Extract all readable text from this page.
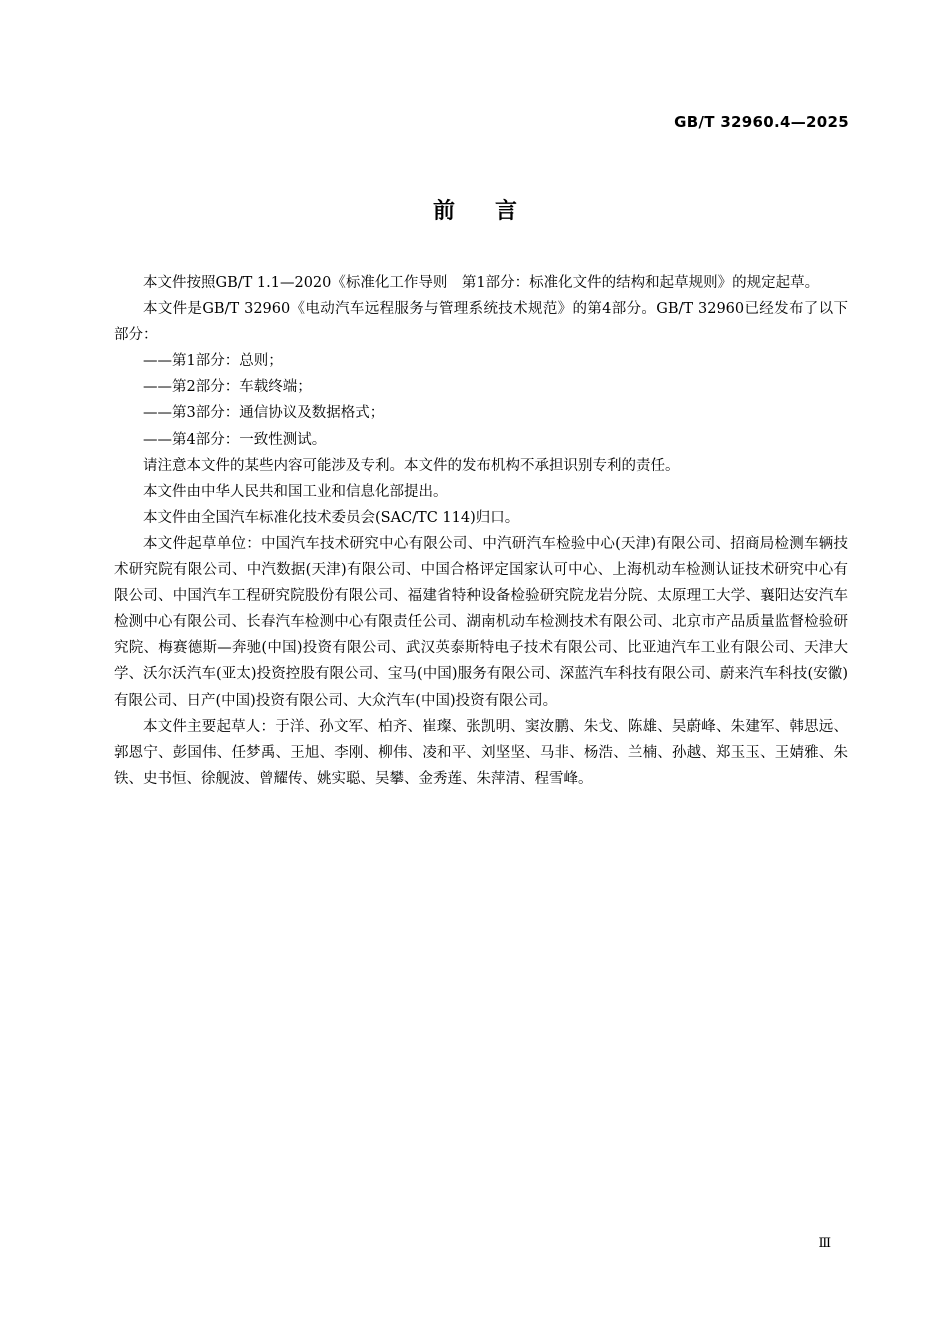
GB/T 32960.4—2025
前言

本文件按照GB/T 1.1—2020《标准化工作导则　第1部分：标准化文件的结构和起草规则》的规定起草。

本文件是GB/T 32960《电动汽车远程服务与管理系统技术规范》的第4部分。GB/T 32960已经发布了以下部分：

——第1部分：总则；

——第2部分：车载终端；

——第3部分：通信协议及数据格式；

——第4部分：一致性测试。

请注意本文件的某些内容可能涉及专利。本文件的发布机构不承担识别专利的责任。

本文件由中华人民共和国工业和信息化部提出。

本文件由全国汽车标准化技术委员会(SAC/TC 114)归口。

本文件起草单位：中国汽车技术研究中心有限公司、中汽研汽车检验中心(天津)有限公司、招商局检测车辆技术研究院有限公司、中汽数据(天津)有限公司、中国合格评定国家认可中心、上海机动车检测认证技术研究中心有限公司、中国汽车工程研究院股份有限公司、福建省特种设备检验研究院龙岩分院、太原理工大学、襄阳达安汽车检测中心有限公司、长春汽车检测中心有限责任公司、湖南机动车检测技术有限公司、北京市产品质量监督检验研究院、梅赛德斯—奔驰(中国)投资有限公司、武汉英泰斯特电子技术有限公司、比亚迪汽车工业有限公司、天津大学、沃尔沃汽车(亚太)投资控股有限公司、宝马(中国)服务有限公司、深蓝汽车科技有限公司、蔚来汽车科技(安徽)有限公司、日产(中国)投资有限公司、大众汽车(中国)投资有限公司。

本文件主要起草人：于洋、孙文军、柏齐、崔璨、张凯明、窦汝鹏、朱戈、陈雄、吴蔚峰、朱建军、韩思远、郭恩宁、彭国伟、任梦禹、王旭、李刚、柳伟、凌和平、刘坚坚、马非、杨浩、兰楠、孙越、郑玉玉、王婧雅、朱铁、史书恒、徐舰波、曾耀传、姚实聪、吴攀、金秀莲、朱萍清、程雪峰。

Ⅲ
